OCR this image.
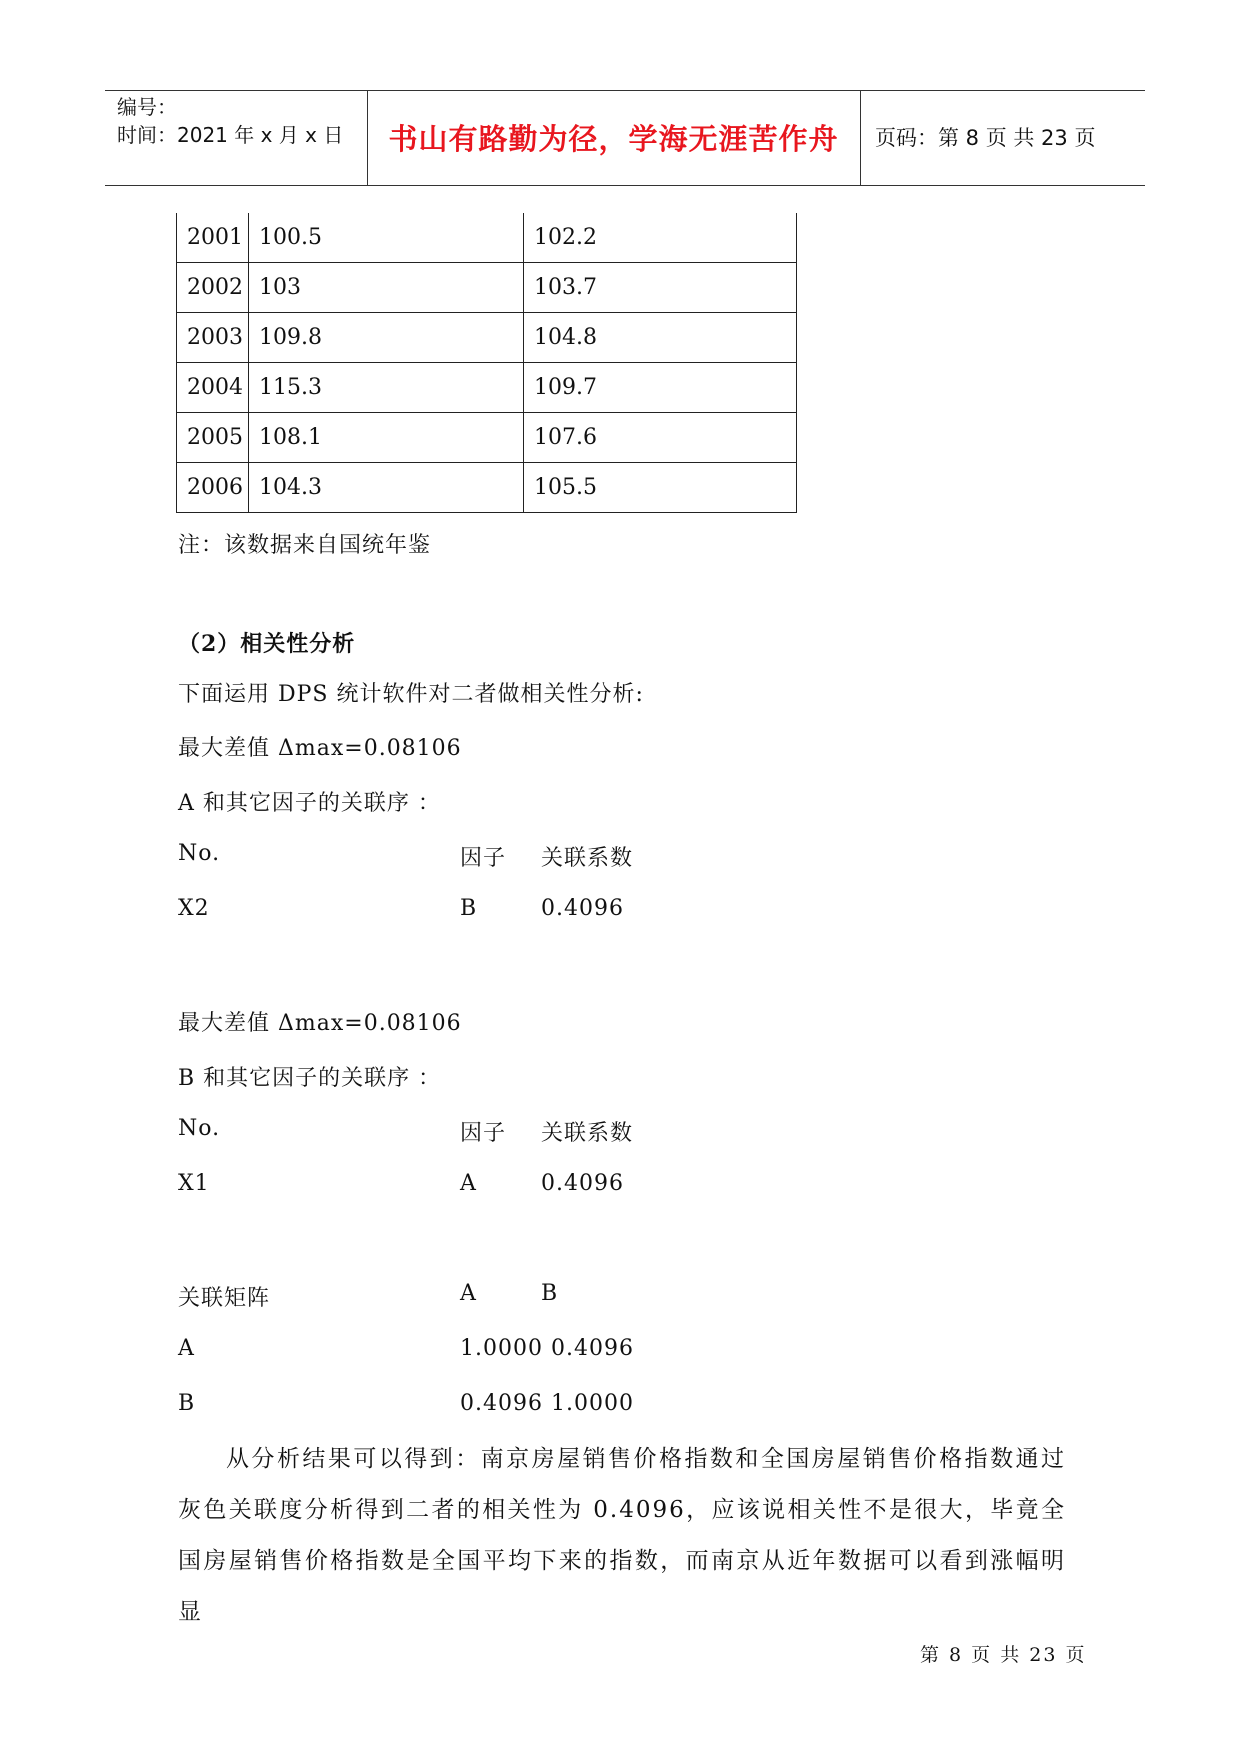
编号：
时间：2021 年 x 月 x 日	书山有路勤为径，学海无涯苦作舟	页码：第 8 页 共 23 页
2001	100.5	102.2
2002	103	103.7
2003	109.8	104.8
2004	115.3	109.7
2005	108.1	107.6
2006	104.3	105.5
注：该数据来自国统年鉴
（2）相关性分析
下面运用 DPS 统计软件对二者做相关性分析:
最大差值 Δmax=0.08106
A 和其它因子的关联序 ：
No.	因子 关联系数
X2	B	0.4096
最大差值 Δmax=0.08106
B 和其它因子的关联序 ：
No.	因子 关联系数
X1	A	0.4096
关联矩阵	A	B
A	1.0000 0.4096
B	0.4096 1.0000
从分析结果可以得到：南京房屋销售价格指数和全国房屋销售价格指数通过灰色关联度分析得到二者的相关性为 0.4096，应该说相关性不是很大，毕竟全国房屋销售价格指数是全国平均下来的指数，而南京从近年数据可以看到涨幅明显
第 8 页 共 23 页
